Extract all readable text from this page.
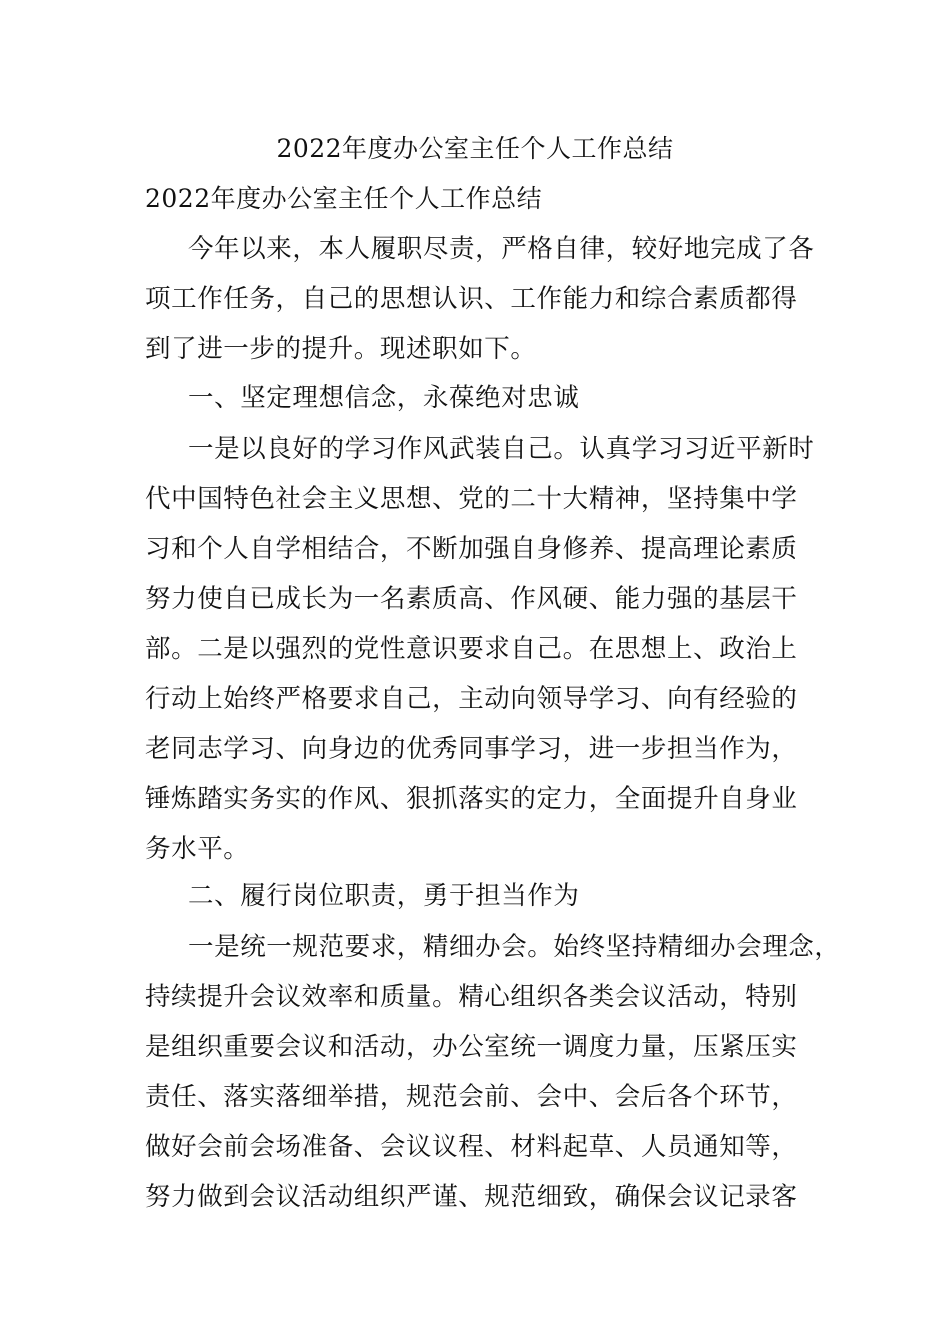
2022年度办公室主任个人工作总结
2022年度办公室主任个人工作总结
今年以来，本人履职尽责，严格自律，较好地完成了各
项工作任务，自己的思想认识、工作能力和综合素质都得
到了进一步的提升。现述职如下。
一、坚定理想信念，永葆绝对忠诚
一是以良好的学习作风武装自己。认真学习习近平新时
代中国特色社会主义思想、党的二十大精神，坚持集中学
习和个人自学相结合，不断加强自身修养、提高理论素质
努力使自已成长为一名素质高、作风硬、能力强的基层干
部。二是以强烈的党性意识要求自己。在思想上、政治上
行动上始终严格要求自己，主动向领导学习、向有经验的
老同志学习、向身边的优秀同事学习，进一步担当作为，
锤炼踏实务实的作风、狠抓落实的定力，全面提升自身业
务水平。
二、履行岗位职责，勇于担当作为
一是统一规范要求，精细办会。始终坚持精细办会理念，
持续提升会议效率和质量。精心组织各类会议活动，特别
是组织重要会议和活动，办公室统一调度力量，压紧压实
责任、落实落细举措，规范会前、会中、会后各个环节，
做好会前会场准备、会议议程、材料起草、人员通知等，
努力做到会议活动组织严谨、规范细致，确保会议记录客
